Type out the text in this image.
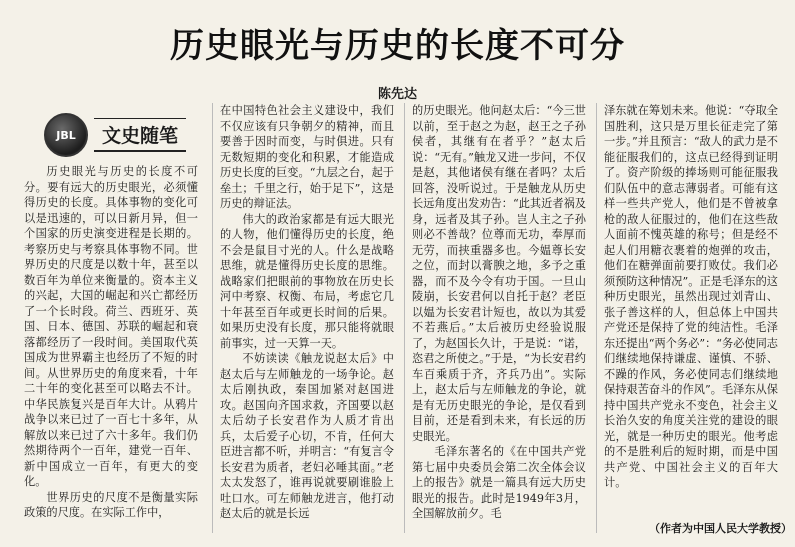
历史眼光与历史的长度不可分
陈先达
JBL	文史随笔

历史眼光与历史的长度不可分。要有远大的历史眼光，必须懂得历史的长度。具体事物的变化可以是迅速的，可以日新月异，但一个国家的历史演变进程是长期的。考察历史与考察具体事物不同。世界历史的尺度是以数十年，甚至以数百年为单位来衡量的。资本主义的兴起，大国的崛起和兴亡都经历了一个长时段。荷兰、西班牙、英国、日本、德国、苏联的崛起和衰落都经历了一段时间。美国取代英国成为世界霸主也经历了不短的时间。从世界历史的角度来看，十年二十年的变化甚至可以略去不计。中华民族复兴是百年大计。从鸦片战争以来已过了一百七十多年，从解放以来已过了六十多年。我们仍然期待两个一百年，建党一百年、新中国成立一百年，有更大的变化。

世界历史的尺度不是衡量实际政策的尺度。在实际工作中，

在中国特色社会主义建设中，我们不仅应该有只争朝夕的精神，而且要善于因时而变，与时俱进。只有无数短期的变化和积累，才能造成历史长度的巨变。“九层之台，起于垒土；千里之行，始于足下”，这是历史的辩证法。

伟大的政治家都是有远大眼光的人物，他们懂得历史的长度，绝不会是鼠目寸光的人。什么是战略思维，就是懂得历史长度的思维。战略家们把眼前的事物放在历史长河中考察、权衡、布局，考虑它几十年甚至百年或更长时间的后果。如果历史没有长度，那只能将就眼前事实，过一天算一天。

不妨读读《触龙说赵太后》中赵太后与左师触龙的一场争论。赵太后刚执政，秦国加紧对赵国进攻。赵国向齐国求救，齐国要以赵太后幼子长安君作为人质才肯出兵，太后爱子心切，不肯，任何大臣进言都不听，并明言：“有复言令长安君为质者，老妇必唾其面。”老太太发怒了，谁再说就要刷谁脸上吐口水。可左师触龙进言，他打动赵太后的就是长远

的历史眼光。他问赵太后：“今三世以前，至于赵之为赵，赵王之子孙侯者，其继有在者乎？”赵太后说：“无有。”触龙又进一步问，不仅是赵，其他诸侯有继在者吗？太后回答，没听说过。于是触龙从历史长远角度出发劝告：“此其近者祸及身，远者及其子孙。岂人主之子孙则必不善哉？位尊而无功，奉厚而无劳，而挟重器多也。今媪尊长安之位，而封以膏腴之地，多予之重器，而不及今令有功于国。一旦山陵崩，长安君何以自托于赵？老臣以媪为长安君计短也，故以为其爱不若燕后。”太后被历史经验说服了，为赵国长久计，于是说：“诺，恣君之所使之。”于是，“为长安君约车百乘质于齐，齐兵乃出”。实际上，赵太后与左师触龙的争论，就是有无历史眼光的争论，是仅看到目前，还是看到未来，有长远的历史眼光。

毛泽东著名的《在中国共产党第七届中央委员会第二次全体会议上的报告》就是一篇具有远大历史眼光的报告。此时是1949年3月，全国解放前夕。毛

泽东就在筹划未来。他说：“夺取全国胜利，这只是万里长征走完了第一步。”并且预言：“敌人的武力是不能征服我们的，这点已经得到证明了。资产阶级的捧场则可能征服我们队伍中的意志薄弱者。可能有这样一些共产党人，他们是不曾被拿枪的敌人征服过的，他们在这些敌人面前不愧英雄的称号；但是经不起人们用糖衣裹着的炮弹的攻击，他们在糖弹面前要打败仗。我们必须预防这种情况”。正是毛泽东的这种历史眼光，虽然出现过刘青山、张子善这样的人，但总体上中国共产党还是保持了党的纯洁性。毛泽东还提出“两个务必”：“务必使同志们继续地保持谦虚、谨慎、不骄、不躁的作风，务必使同志们继续地保持艰苦奋斗的作风”。毛泽东从保持中国共产党永不变色，社会主义长治久安的角度关注党的建设的眼光，就是一种历史的眼光。他考虑的不是胜利后的短时期，而是中国共产党、中国社会主义的百年大计。

（作者为中国人民大学教授）
